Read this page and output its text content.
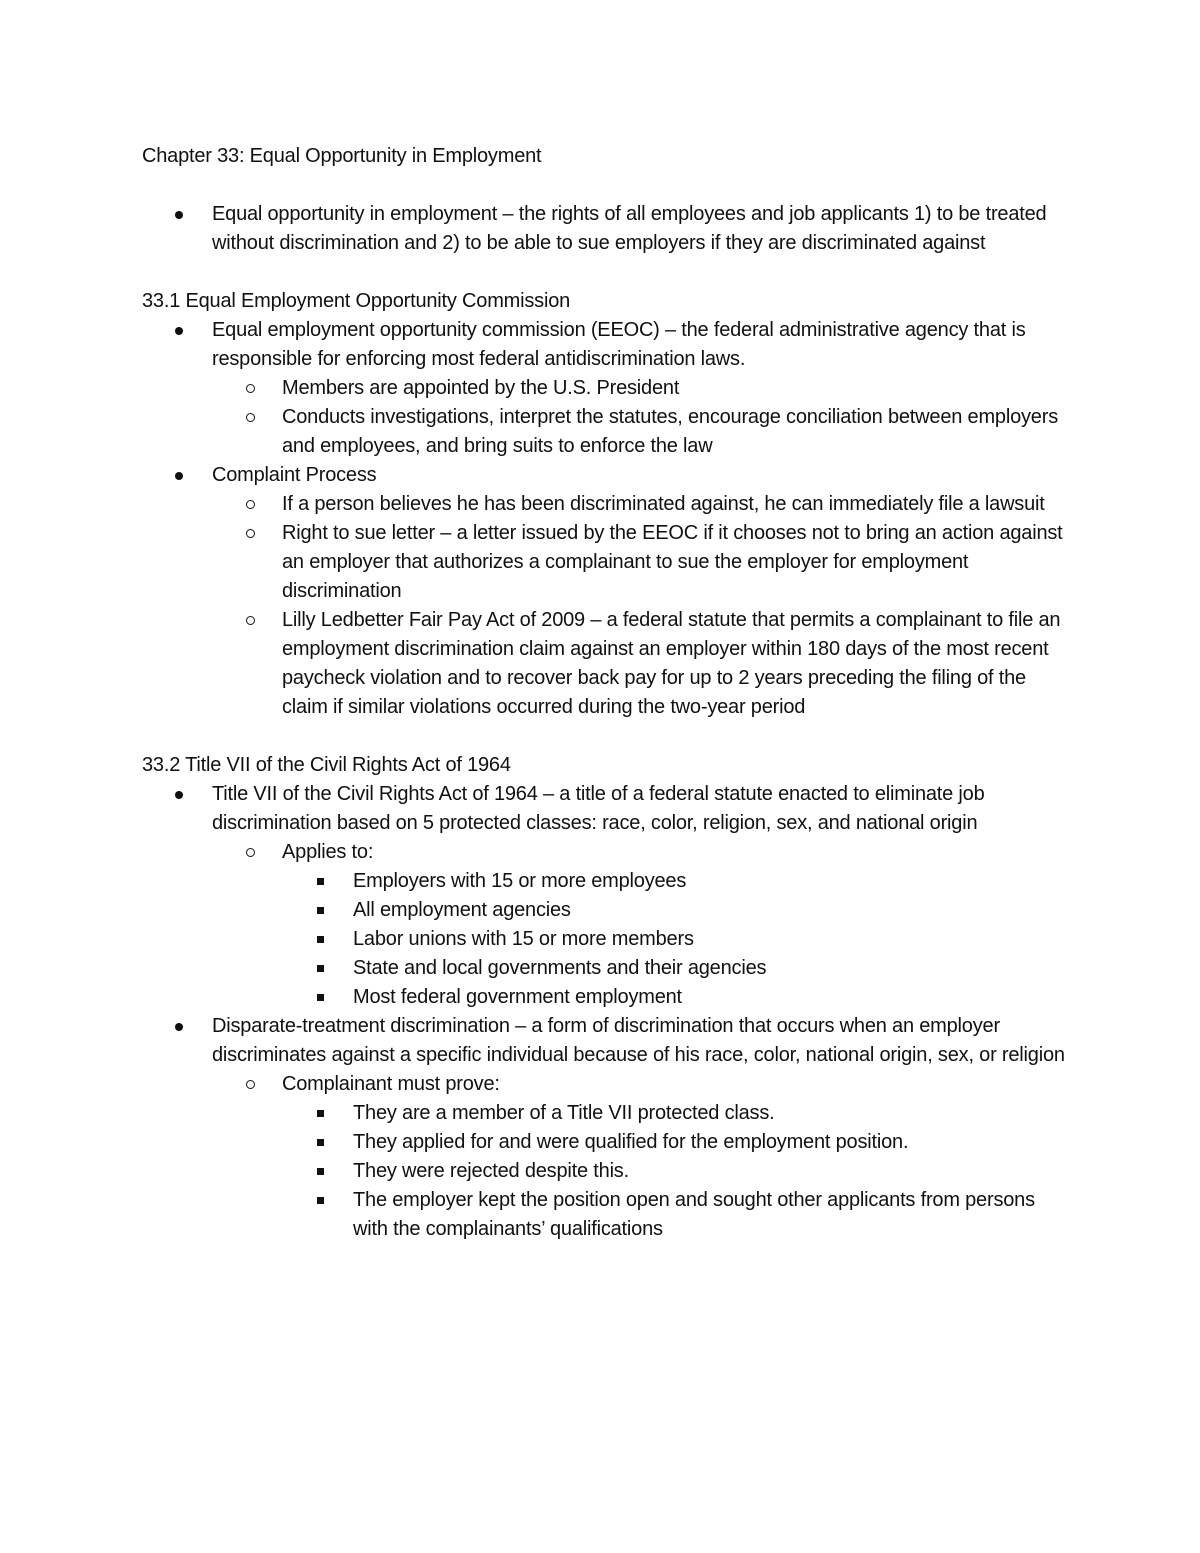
Chapter 33: Equal Opportunity in Employment

Equal opportunity in employment – the rights of all employees and job applicants 1) to be treated without discrimination and 2) to be able to sue employers if they are discriminated against

33.1 Equal Employment Opportunity Commission

Equal employment opportunity commission (EEOC) – the federal administrative agency that is responsible for enforcing most federal antidiscrimination laws.
Members are appointed by the U.S. President
Conducts investigations, interpret the statutes, encourage conciliation between employers and employees, and bring suits to enforce the law
Complaint Process
If a person believes he has been discriminated against, he can immediately file a lawsuit
Right to sue letter – a letter issued by the EEOC if it chooses not to bring an action against an employer that authorizes a complainant to sue the employer for employment discrimination
Lilly Ledbetter Fair Pay Act of 2009 – a federal statute that permits a complainant to file an employment discrimination claim against an employer within 180 days of the most recent paycheck violation and to recover back pay for up to 2 years preceding the filing of the claim if similar violations occurred during the two-year period

33.2 Title VII of the Civil Rights Act of 1964

Title VII of the Civil Rights Act of 1964 – a title of a federal statute enacted to eliminate job discrimination based on 5 protected classes: race, color, religion, sex, and national origin
Applies to:
Employers with 15 or more employees
All employment agencies
Labor unions with 15 or more members
State and local governments and their agencies
Most federal government employment
Disparate-treatment discrimination – a form of discrimination that occurs when an employer discriminates against a specific individual because of his race, color, national origin, sex, or religion
Complainant must prove:
They are a member of a Title VII protected class.
They applied for and were qualified for the employment position.
They were rejected despite this.
The employer kept the position open and sought other applicants from persons with the complainants’ qualifications
